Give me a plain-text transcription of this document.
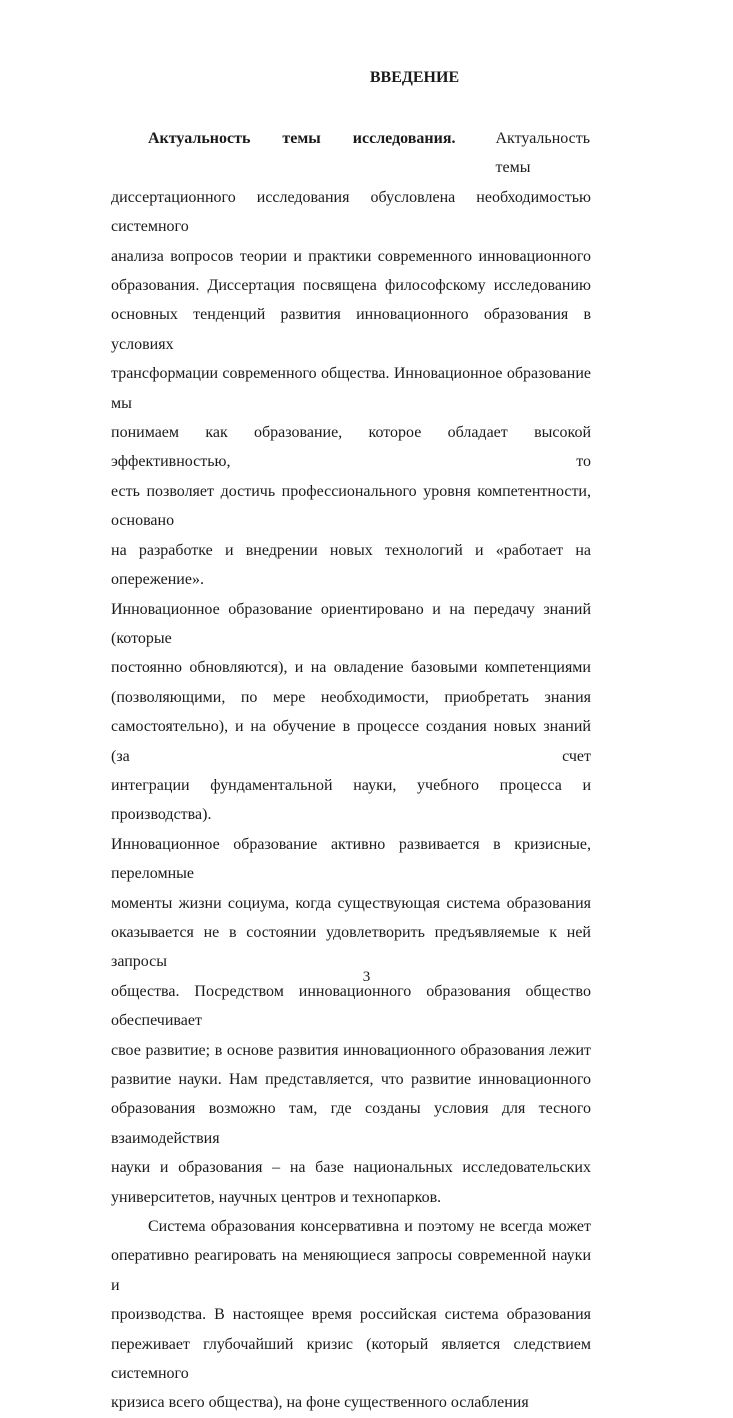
ВВЕДЕНИЕ
Актуальность темы исследования.	Актуальность темы
диссертационного исследования обусловлена необходимостью системного
анализа вопросов теории и практики современного инновационного
образования. Диссертация посвящена философскому исследованию
основных тенденций развития инновационного образования в условиях
трансформации современного общества. Инновационное образование мы
понимаем как образование, которое обладает высокой эффективностью, то
есть позволяет достичь профессионального уровня компетентности, основано
на разработке и внедрении новых технологий и «работает на опережение».
Инновационное образование ориентировано и на передачу знаний (которые
постоянно обновляются), и на овладение базовыми компетенциями
(позволяющими, по мере необходимости, приобретать знания
самостоятельно), и на обучение в процессе создания новых знаний (за счет
интеграции фундаментальной науки, учебного процесса и производства).
Инновационное образование активно развивается в кризисные, переломные
моменты жизни социума, когда существующая система образования
оказывается не в состоянии удовлетворить предъявляемые к ней запросы
общества. Посредством инновационного образования общество обеспечивает
свое развитие; в основе развития инновационного образования лежит
развитие науки. Нам представляется, что развитие инновационного
образования возможно там, где созданы условия для тесного взаимодействия
науки и образования – на базе национальных исследовательских
университетов, научных центров и технопарков.
Система образования консервативна и поэтому не всегда может
оперативно реагировать на меняющиеся запросы современной науки и
производства. В настоящее время российская система образования
переживает глубочайший кризис (который является следствием системного
кризиса всего общества), на фоне существенного ослабления
3
